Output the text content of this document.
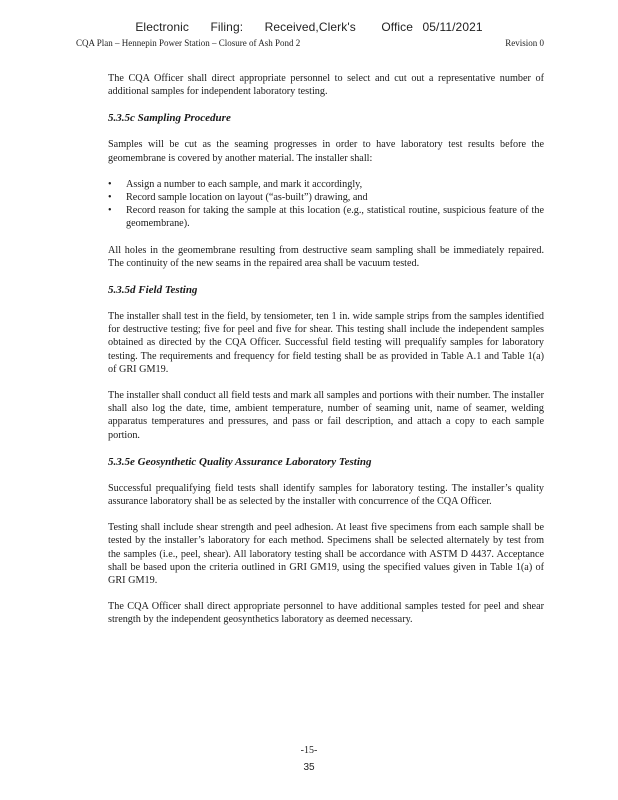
Electronic Filing: Received,Clerk's Office 05/11/2021
CQA Plan – Hennepin Power Station – Closure of Ash Pond 2	Revision 0

The CQA Officer shall direct appropriate personnel to select and cut out a representative number of additional samples for independent laboratory testing.

5.3.5c Sampling Procedure

Samples will be cut as the seaming progresses in order to have laboratory test results before the geomembrane is covered by another material. The installer shall:

• Assign a number to each sample, and mark it accordingly,
• Record sample location on layout (“as-built”) drawing, and
• Record reason for taking the sample at this location (e.g., statistical routine, suspicious feature of the geomembrane).

All holes in the geomembrane resulting from destructive seam sampling shall be immediately repaired. The continuity of the new seams in the repaired area shall be vacuum tested.

5.3.5d Field Testing

The installer shall test in the field, by tensiometer, ten 1 in. wide sample strips from the samples identified for destructive testing; five for peel and five for shear. This testing shall include the independent samples obtained as directed by the CQA Officer. Successful field testing will prequalify samples for laboratory testing. The requirements and frequency for field testing shall be as provided in Table A.1 and Table 1(a) of GRI GM19.

The installer shall conduct all field tests and mark all samples and portions with their number. The installer shall also log the date, time, ambient temperature, number of seaming unit, name of seamer, welding apparatus temperatures and pressures, and pass or fail description, and attach a copy to each sample portion.

5.3.5e Geosynthetic Quality Assurance Laboratory Testing

Successful prequalifying field tests shall identify samples for laboratory testing. The installer’s quality assurance laboratory shall be as selected by the installer with concurrence of the CQA Officer.

Testing shall include shear strength and peel adhesion. At least five specimens from each sample shall be tested by the installer’s laboratory for each method. Specimens shall be selected alternately by test from the samples (i.e., peel, shear). All laboratory testing shall be accordance with ASTM D 4437. Acceptance shall be based upon the criteria outlined in GRI GM19, using the specified values given in Table 1(a) of GRI GM19.

The CQA Officer shall direct appropriate personnel to have additional samples tested for peel and shear strength by the independent geosynthetics laboratory as deemed necessary.

-15-
35
